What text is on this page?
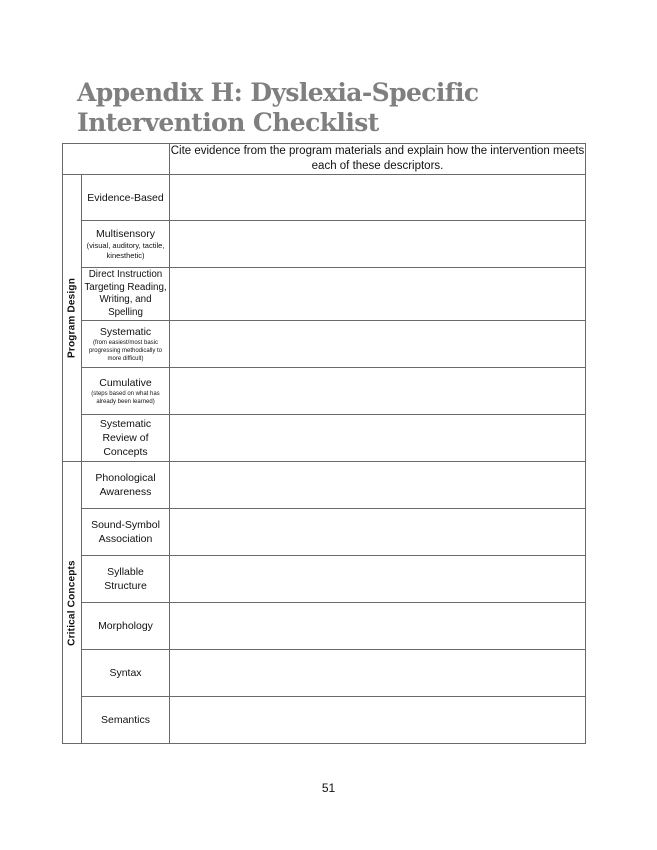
Appendix H: Dyslexia-Specific Intervention Checklist
		Cite evidence from the program materials and explain how the intervention meets each of these descriptors.

Program Design	Evidence-Based	

	Multisensory
(visual, auditory, tactile, kinesthetic)	

	Direct Instruction Targeting Reading, Writing, and Spelling	

	Systematic
(from easiest/most basic progressing methodically to more difficult)	

	Cumulative
(steps based on what has already been learned)	

	Systematic Review of Concepts	

Critical Concepts	Phonological Awareness	

	Sound-Symbol Association	

	Syllable Structure	

	Morphology	

	Syntax	

	Semantics	

51
